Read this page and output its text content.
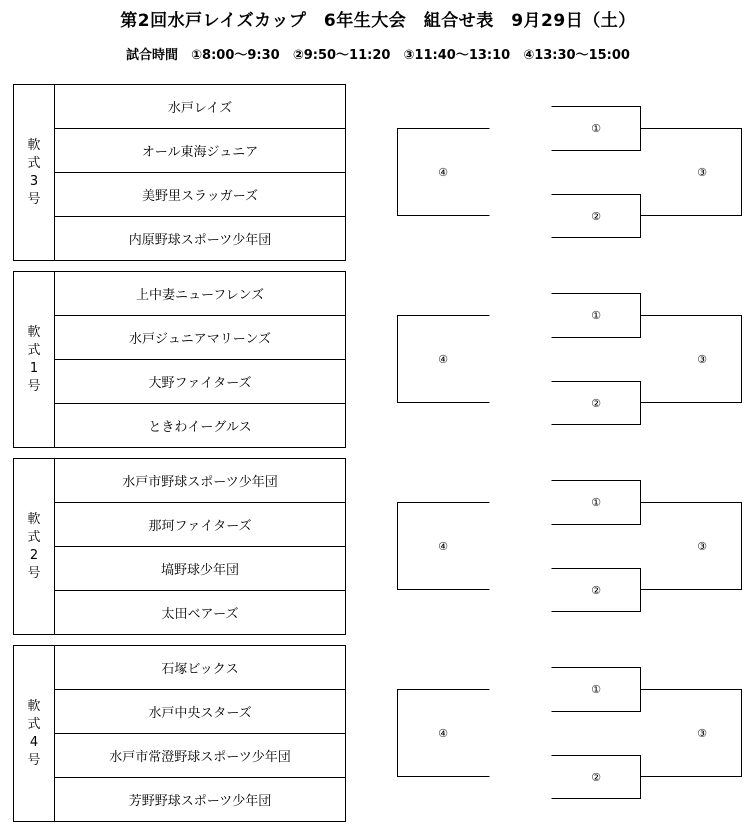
第2回水戸レイズカップ　6年生大会　組合せ表　9月29日（土）
試合時間　①8:00～9:30　②9:50～11:20　③11:40～13:10　④13:30～15:00
軟
式
3
号
水戸レイズ
オール東海ジュニア
美野里スラッガーズ
内原野球スポーツ少年団
①
②
③
④
軟
式
1
号
上中妻ニューフレンズ
水戸ジュニアマリーンズ
大野ファイターズ
ときわイーグルス
①
②
③
④
軟
式
2
号
水戸市野球スポーツ少年団
那珂ファイターズ
塙野球少年団
太田ベアーズ
①
②
③
④
軟
式
4
号
石塚ビックス
水戸中央スターズ
水戸市常澄野球スポーツ少年団
芳野野球スポーツ少年団
①
②
③
④
